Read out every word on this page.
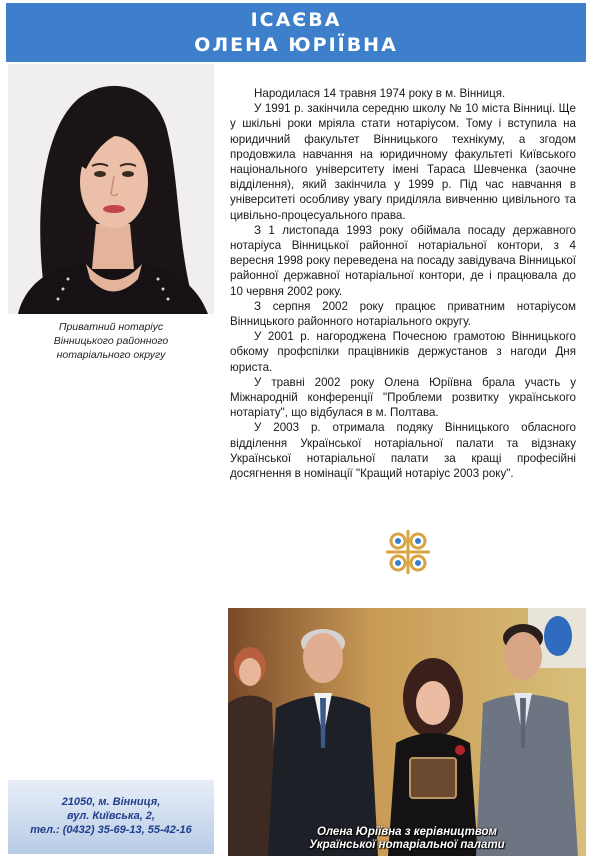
ІСАЄВА
ОЛЕНА ЮРІЇВНА
Приватний нотаріус
Вінницького районного
нотаріального округу

Народилася 14 травня 1974 року в м. Вінниця.

У 1991 р. закінчила середню школу № 10 міста Вінниці. Ще у шкільні роки мріяла стати нотаріусом. Тому і вступила на юридичний факультет Вінницького технікуму, а згодом продовжила навчання на юридичному факультеті Київського національного університету імені Тараса Шевченка (заочне відділення), який закінчила у 1999 р. Під час навчання в університеті особливу увагу приділяла вивченню цивільного та цивільно-процесуального права.

З 1 листопада 1993 року обіймала посаду державного нотаріуса Вінницької районної нотаріальної контори, з 4 вересня 1998 року переведена на посаду завідувача Вінницької районної державної нотаріальної контори, де і працювала до 10 червня 2002 року.

З серпня 2002 року працює приватним нотаріусом Вінницького районного нотаріального округу.

У 2001 р. нагороджена Почесною грамотою Вінницького обкому профспілки працівників держустанов з нагоди Дня юриста.

У травні 2002 року Олена Юріївна брала участь у Міжнародній конференції "Проблеми розвитку українського нотаріату", що відбулася в м. Полтава.

У 2003 р. отримала подяку Вінницького обласного відділення Української нотаріальної палати та відзнаку Української нотаріальної палати за кращі професійні досягнення в номінації "Кращий нотаріус 2003 року".

21050, м. Вінниця,
вул. Київська, 2,
тел.: (0432) 35-69-13, 55-42-16	Олена Юріївна з керівництвом
Української нотаріальної палати
